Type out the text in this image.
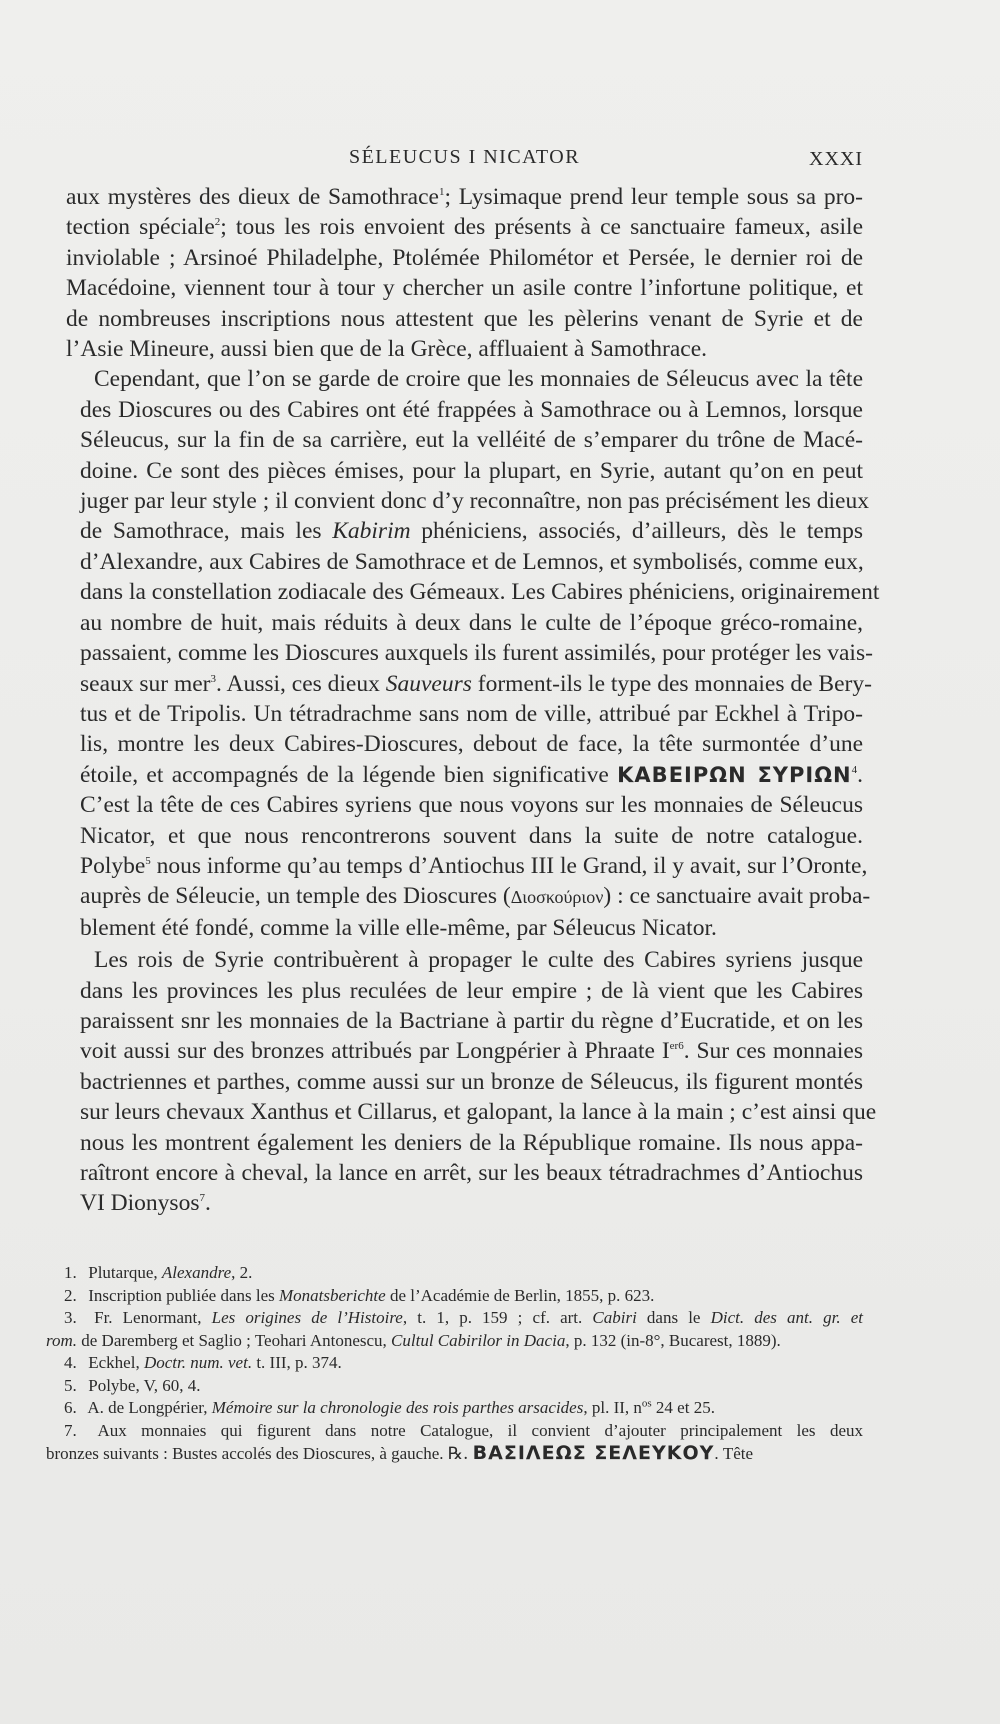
SÉLEUCUS I NICATOR	XXXI
aux mystères des dieux de Samothrace$^1$; Lysimaque prend leur temple sous sa pro-
tection spéciale$^2$; tous les rois envoient des présents à ce sanctuaire fameux, asile
inviolable ; Arsinoé Philadelphe, Ptolémée Philométor et Persée, le dernier roi de
Macédoine, viennent tour à tour y chercher un asile contre l’infortune politique, et
de nombreuses inscriptions nous attestent que les pèlerins venant de Syrie et de
l’Asie Mineure, aussi bien que de la Grèce, affluaient à Samothrace.
Cependant, que l’on se garde de croire que les monnaies de Séleucus avec la tête
des Dioscures ou des Cabires ont été frappées à Samothrace ou à Lemnos, lorsque
Séleucus, sur la fin de sa carrière, eut la velléité de s’emparer du trône de Macé-
doine. Ce sont des pièces émises, pour la plupart, en Syrie, autant qu’on en peut
juger par leur style ; il convient donc d’y reconnaître, non pas précisément les dieux
de Samothrace, mais les Kabirim phéniciens, associés, d’ailleurs, dès le temps
d’Alexandre, aux Cabires de Samothrace et de Lemnos, et symbolisés, comme eux,
dans la constellation zodiacale des Gémeaux. Les Cabires phéniciens, originairement
au nombre de huit, mais réduits à deux dans le culte de l’époque gréco-romaine,
passaient, comme les Dioscures auxquels ils furent assimilés, pour protéger les vais-
seaux sur mer$^3$. Aussi, ces dieux Sauveurs forment-ils le type des monnaies de Bery-
tus et de Tripolis. Un tétradrachme sans nom de ville, attribué par Eckhel à Tripo-
lis, montre les deux Cabires-Dioscures, debout de face, la tête surmontée d’une
étoile, et accompagnés de la légende bien significative ΚΑΒΕΙΡΩΝ ΣΥΡΙΩΝ$^4$.
C’est la tête de ces Cabires syriens que nous voyons sur les monnaies de Séleucus
Nicator, et que nous rencontrerons souvent dans la suite de notre catalogue.
Polybe$^5$ nous informe qu’au temps d’Antiochus III le Grand, il y avait, sur l’Oronte,
auprès de Séleucie, un temple des Dioscures (Διοσκούριον) : ce sanctuaire avait proba-
blement été fondé, comme la ville elle-même, par Séleucus Nicator.
Les rois de Syrie contribuèrent à propager le culte des Cabires syriens jusque
dans les provinces les plus reculées de leur empire ; de là vient que les Cabires
paraissent snr les monnaies de la Bactriane à partir du règne d’Eucratide, et on les
voit aussi sur des bronzes attribués par Longpérier à Phraate $I^{er6}$. Sur ces monnaies
bactriennes et parthes, comme aussi sur un bronze de Séleucus, ils figurent montés
sur leurs chevaux Xanthus et Cillarus, et galopant, la lance à la main ; c’est ainsi que
nous les montrent également les deniers de la République romaine. Ils nous appa-
raîtront encore à cheval, la lance en arrêt, sur les beaux tétradrachmes d’Antiochus
VI Dionysos$^7$.
1. Plutarque, Alexandre, 2.
2. Inscription publiée dans les Monatsberichte de l’Académie de Berlin, 1855, p. 623.
3. Fr. Lenormant, Les origines de l’Histoire, t. 1, p. 159 ; cf. art. Cabiri dans le Dict. des ant. gr. et
rom. de Daremberg et Saglio ; Teohari Antonescu, Cultul Cabirilor in Dacia, p. 132 (in-8°, Bucarest, 1889).
4. Eckhel, Doctr. num. vet. t. III, p. 374.
5. Polybe, V, 60, 4.
6. A. de Longpérier, Mémoire sur la chronologie des rois parthes arsacides, pl. II, $n^{os}$ 24 et 25.
7. Aux monnaies qui figurent dans notre Catalogue, il convient d’ajouter principalement les deux
bronzes suivants : Bustes accolés des Dioscures, à gauche. ℞. ΒΑΣΙΛΕΩΣ ΣΕΛΕΥΚΟΥ. Tête
